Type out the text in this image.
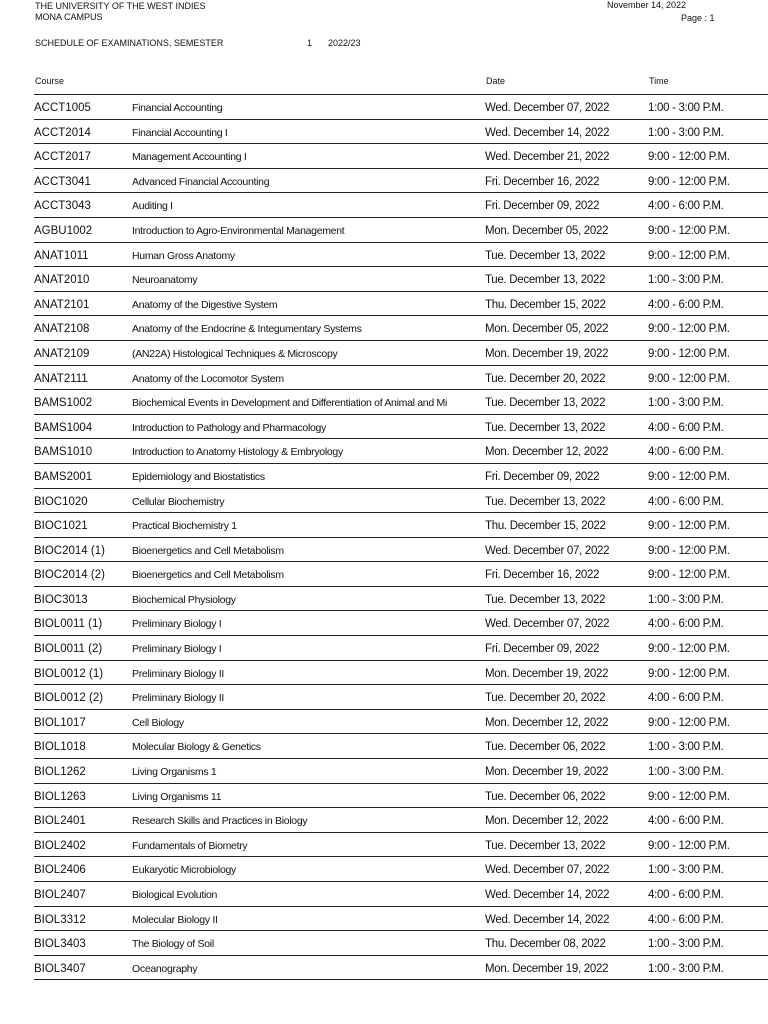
THE UNIVERSITY OF THE WEST INDIES
MONA CAMPUS
November 14, 2022
Page : 1
SCHEDULE OF EXAMINATIONS, SEMESTER	1 2022/23
Course	Date	Time
ACCT1005	Financial Accounting	Wed. December 07, 2022	1:00 - 3:00 P.M.
ACCT2014	Financial Accounting I	Wed. December 14, 2022	1:00 - 3:00 P.M.
ACCT2017	Management Accounting I	Wed. December 21, 2022	9:00 - 12:00 P.M.
ACCT3041	Advanced Financial Accounting	Fri. December 16, 2022	9:00 - 12:00 P.M.
ACCT3043	Auditing I	Fri. December 09, 2022	4:00 - 6:00 P.M.
AGBU1002	Introduction to Agro-Environmental Management	Mon. December 05, 2022	9:00 - 12:00 P.M.
ANAT1011	Human Gross Anatomy	Tue. December 13, 2022	9:00 - 12:00 P.M.
ANAT2010	Neuroanatomy	Tue. December 13, 2022	1:00 - 3:00 P.M.
ANAT2101	Anatomy of the Digestive System	Thu. December 15, 2022	4:00 - 6:00 P.M.
ANAT2108	Anatomy of the Endocrine & Integumentary Systems	Mon. December 05, 2022	9:00 - 12:00 P.M.
ANAT2109	(AN22A) Histological Techniques & Microscopy	Mon. December 19, 2022	9:00 - 12:00 P.M.
ANAT2111	Anatomy of the Locomotor System	Tue. December 20, 2022	9:00 - 12:00 P.M.
BAMS1002	Biochemical Events in Development and Differentiation of Animal and Mi	Tue. December 13, 2022	1:00 - 3:00 P.M.
BAMS1004	Introduction to Pathology and Pharmacology	Tue. December 13, 2022	4:00 - 6:00 P.M.
BAMS1010	Introduction to Anatomy Histology & Embryology	Mon. December 12, 2022	4:00 - 6:00 P.M.
BAMS2001	Epidemiology and Biostatistics	Fri. December 09, 2022	9:00 - 12:00 P.M.
BIOC1020	Cellular Biochemistry	Tue. December 13, 2022	4:00 - 6:00 P.M.
BIOC1021	Practical Biochemistry 1	Thu. December 15, 2022	9:00 - 12:00 P.M.
BIOC2014 (1)	Bioenergetics and Cell Metabolism	Wed. December 07, 2022	9:00 - 12:00 P.M.
BIOC2014 (2)	Bioenergetics and Cell Metabolism	Fri. December 16, 2022	9:00 - 12:00 P.M.
BIOC3013	Biochemical Physiology	Tue. December 13, 2022	1:00 - 3:00 P.M.
BIOL0011 (1)	Preliminary Biology I	Wed. December 07, 2022	4:00 - 6:00 P.M.
BIOL0011 (2)	Preliminary Biology I	Fri. December 09, 2022	9:00 - 12:00 P.M.
BIOL0012 (1)	Preliminary Biology II	Mon. December 19, 2022	9:00 - 12:00 P.M.
BIOL0012 (2)	Preliminary Biology II	Tue. December 20, 2022	4:00 - 6:00 P.M.
BIOL1017	Cell Biology	Mon. December 12, 2022	9:00 - 12:00 P.M.
BIOL1018	Molecular Biology & Genetics	Tue. December 06, 2022	1:00 - 3:00 P.M.
BIOL1262	Living Organisms 1	Mon. December 19, 2022	1:00 - 3:00 P.M.
BIOL1263	Living Organisms 11	Tue. December 06, 2022	9:00 - 12:00 P.M.
BIOL2401	Research Skills and Practices in Biology	Mon. December 12, 2022	4:00 - 6:00 P.M.
BIOL2402	Fundamentals of Biometry	Tue. December 13, 2022	9:00 - 12:00 P.M.
BIOL2406	Eukaryotic Microbiology	Wed. December 07, 2022	1:00 - 3:00 P.M.
BIOL2407	Biological Evolution	Wed. December 14, 2022	4:00 - 6:00 P.M.
BIOL3312	Molecular Biology II	Wed. December 14, 2022	4:00 - 6:00 P.M.
BIOL3403	The Biology of Soil	Thu. December 08, 2022	1:00 - 3:00 P.M.
BIOL3407	Oceanography	Mon. December 19, 2022	1:00 - 3:00 P.M.
